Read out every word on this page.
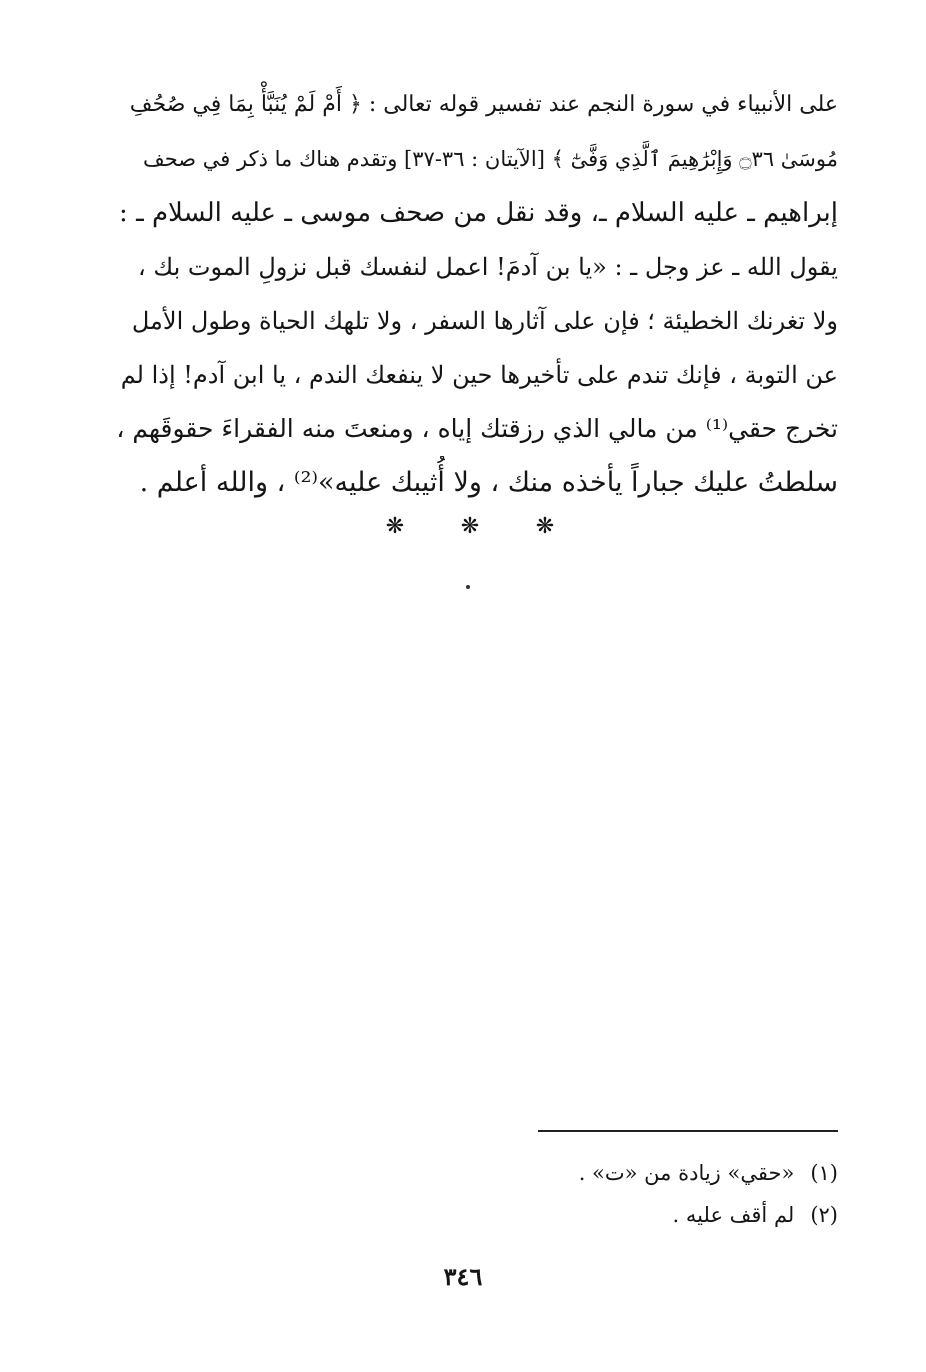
على الأنبياء في سورة النجم عند تفسير قوله تعالى : ﴿ أَمْ لَمْ يُنَبَّأْ بِمَا فِي صُحُفِ
مُوسَىٰ ۝٣٦ وَإِبْرَٰهِيمَ ٱلَّذِي وَفَّىٰٓ ﴾ [الآيتان : ٣٦-٣٧] وتقدم هناك ما ذكر في صحف
إبراهيم ـ عليه السلام ـ، وقد نقل من صحف موسى ـ عليه السلام ـ :
يقول الله ـ عز وجل ـ : «يا بن آدمَ! اعمل لنفسك قبل نزولِ الموت بك ،
ولا تغرنك الخطيئة ؛ فإن على آثارها السفر ، ولا تلهك الحياة وطول الأمل
عن التوبة ، فإنك تندم على تأخيرها حين لا ينفعك الندم ، يا ابن آدم! إذا لم
تخرج حقي⁽¹⁾ من مالي الذي رزقتك إياه ، ومنعتَ منه الفقراءَ حقوقَهم ،
سلطتُ عليك جباراً يأخذه منك ، ولا أُثيبك عليه»⁽²⁾ ، والله أعلم .
❋	❋	❋
(١)«حقي» زيادة من «ت» .
(٢)لم أقف عليه .
٣٤٦
